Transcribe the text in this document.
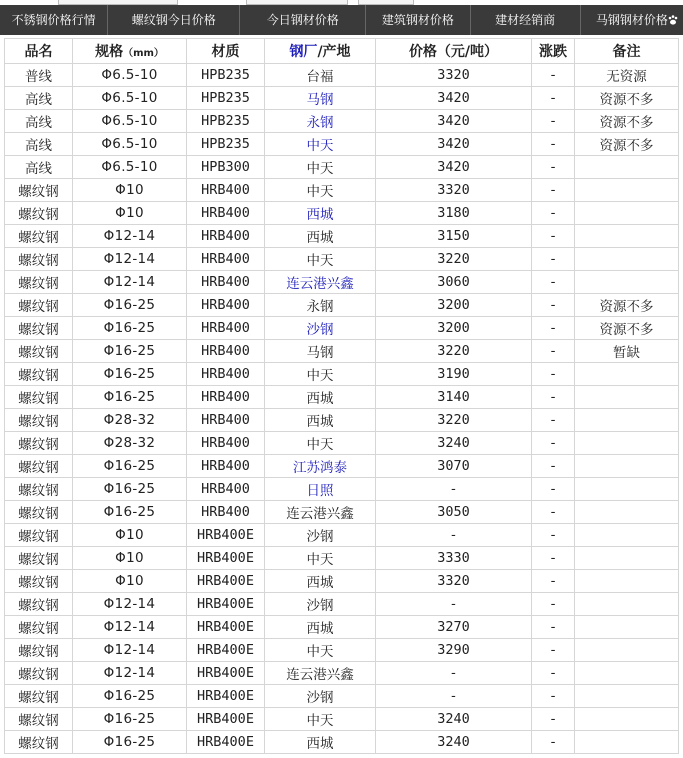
不锈钢价格行情	螺纹钢今日价格	今日钢材价格	建筑钢材价格	建材经销商	马钢钢材价格
品名	规格（mm）	材质	钢厂/产地	价格（元/吨）	涨跌	备注
普线	Φ6.5-10	HPB235	台福	3320	-	无资源
高线	Φ6.5-10	HPB235	马钢	3420	-	资源不多
高线	Φ6.5-10	HPB235	永钢	3420	-	资源不多
高线	Φ6.5-10	HPB235	中天	3420	-	资源不多
高线	Φ6.5-10	HPB300	中天	3420	-	
螺纹钢	Φ10	HRB400	中天	3320	-	
螺纹钢	Φ10	HRB400	西城	3180	-	
螺纹钢	Φ12-14	HRB400	西城	3150	-	
螺纹钢	Φ12-14	HRB400	中天	3220	-	
螺纹钢	Φ12-14	HRB400	连云港兴鑫	3060	-	
螺纹钢	Φ16-25	HRB400	永钢	3200	-	资源不多
螺纹钢	Φ16-25	HRB400	沙钢	3200	-	资源不多
螺纹钢	Φ16-25	HRB400	马钢	3220	-	暂缺
螺纹钢	Φ16-25	HRB400	中天	3190	-	
螺纹钢	Φ16-25	HRB400	西城	3140	-	
螺纹钢	Φ28-32	HRB400	西城	3220	-	
螺纹钢	Φ28-32	HRB400	中天	3240	-	
螺纹钢	Φ16-25	HRB400	江苏鸿泰	3070	-	
螺纹钢	Φ16-25	HRB400	日照	-	-	
螺纹钢	Φ16-25	HRB400	连云港兴鑫	3050	-	
螺纹钢	Φ10	HRB400E	沙钢	-	-	
螺纹钢	Φ10	HRB400E	中天	3330	-	
螺纹钢	Φ10	HRB400E	西城	3320	-	
螺纹钢	Φ12-14	HRB400E	沙钢	-	-	
螺纹钢	Φ12-14	HRB400E	西城	3270	-	
螺纹钢	Φ12-14	HRB400E	中天	3290	-	
螺纹钢	Φ12-14	HRB400E	连云港兴鑫	-	-	
螺纹钢	Φ16-25	HRB400E	沙钢	-	-	
螺纹钢	Φ16-25	HRB400E	中天	3240	-	
螺纹钢	Φ16-25	HRB400E	西城	3240	-	
